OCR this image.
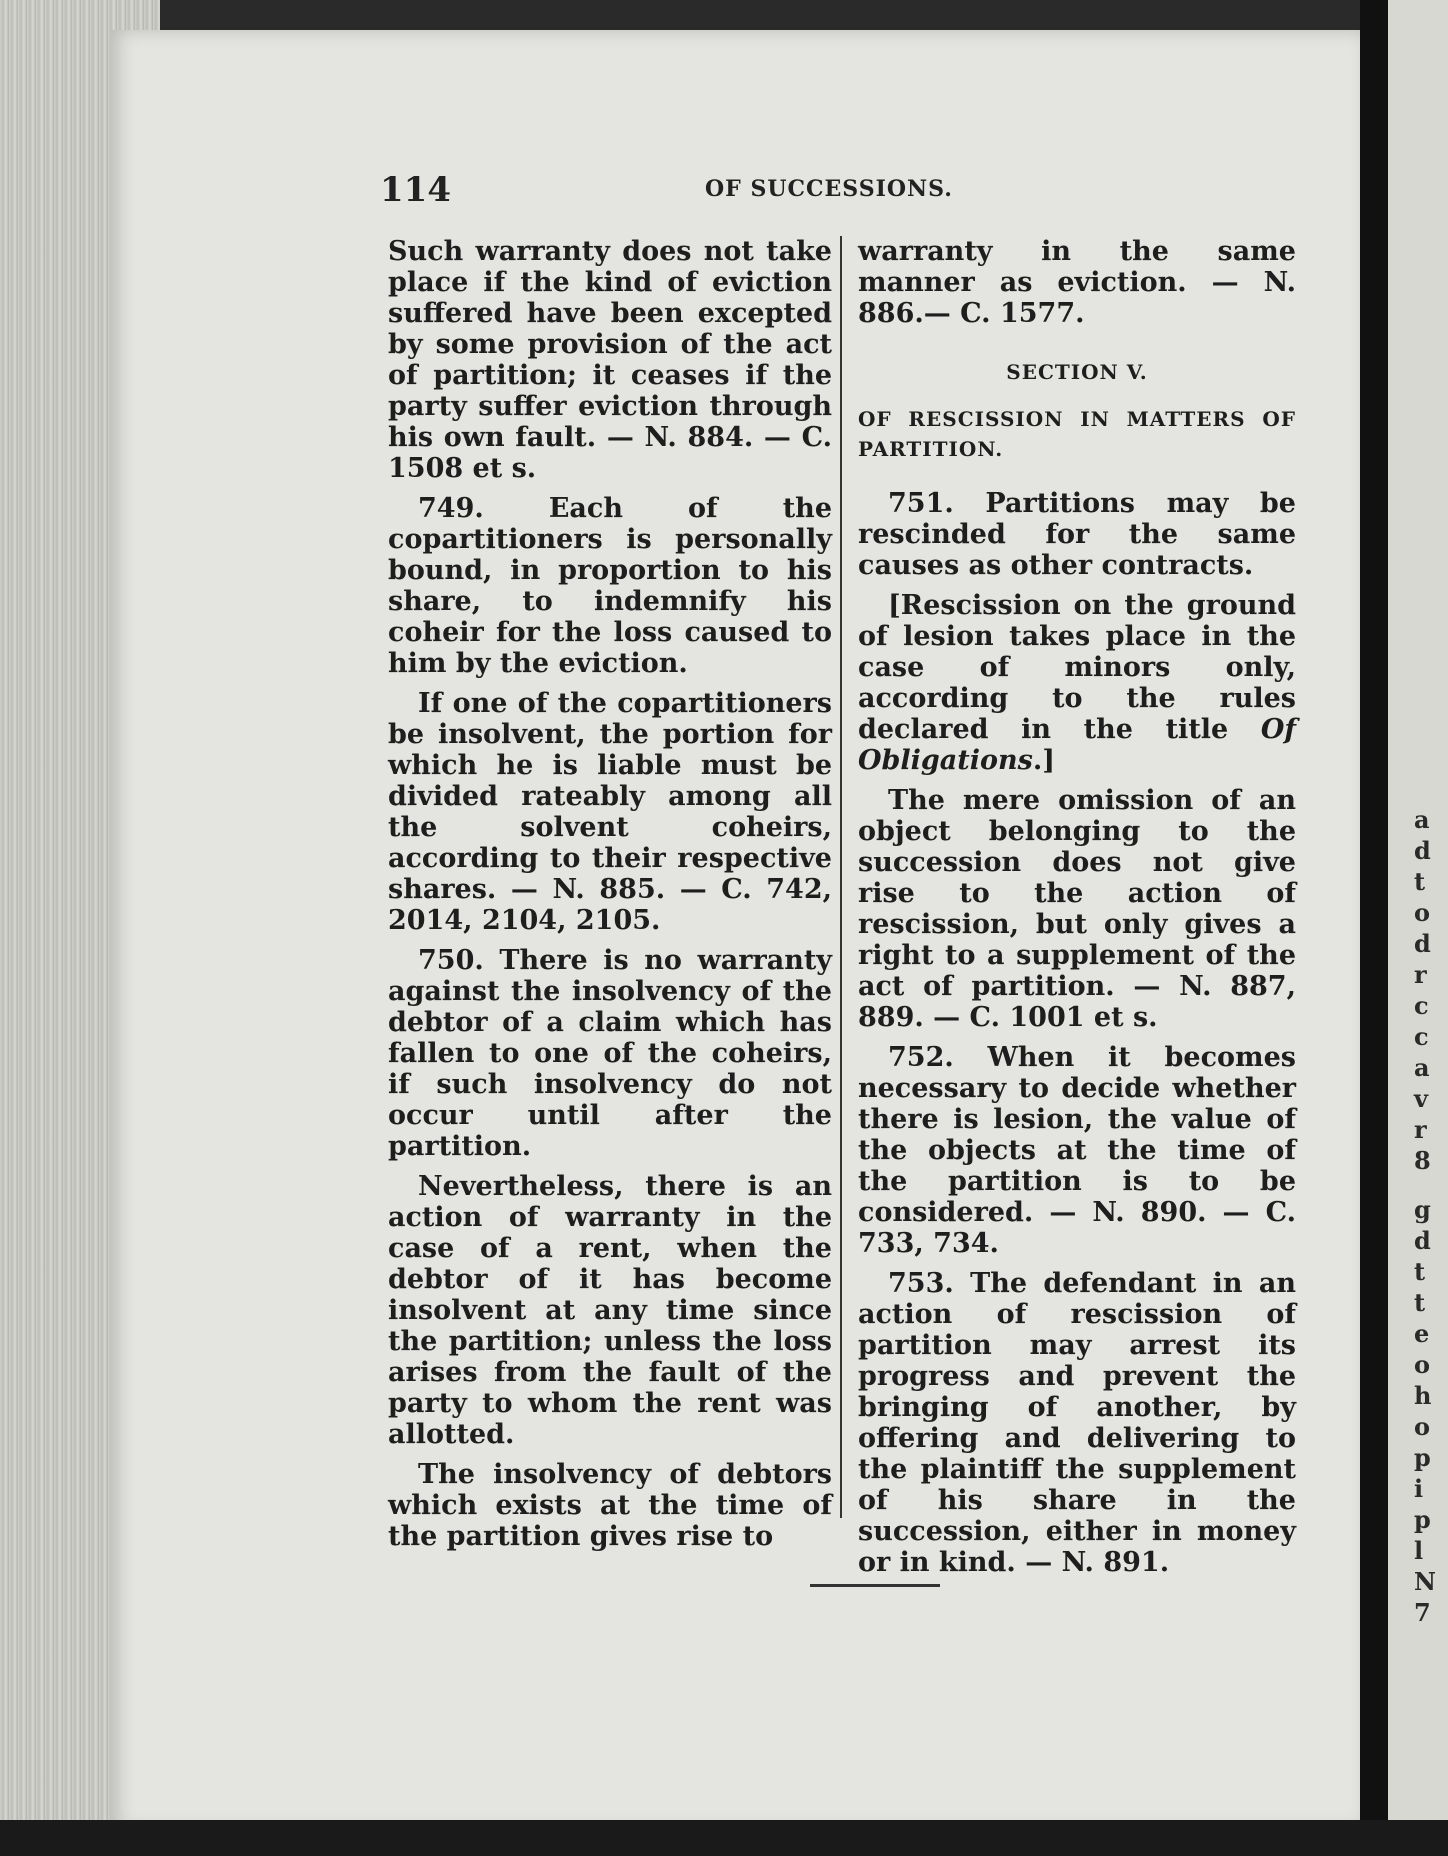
a
d
t
o
d
r
c
c
a
v
r
8
g
d
t
t
e
o
h
o
p
i
p
l
N
7
114	OF SUCCESSIONS.

Such warranty does not take place if the kind of eviction suffered have been excepted by some provision of the act of partition; it ceases if the party suffer eviction through his own fault. — N. 884. — C. 1508 et s.

749. Each of the copartitioners is personally bound, in proportion to his share, to indemnify his coheir for the loss caused to him by the eviction.

If one of the copartitioners be insolvent, the portion for which he is liable must be divided rateably among all the solvent coheirs, according to their respective shares. — N. 885. — C. 742, 2014, 2104, 2105.

750. There is no warranty against the insolvency of the debtor of a claim which has fallen to one of the coheirs, if such insolvency do not occur until after the partition.

Nevertheless, there is an action of warranty in the case of a rent, when the debtor of it has become insolvent at any time since the partition; unless the loss arises from the fault of the party to whom the rent was allotted.

The insolvency of debtors which exists at the time of the partition gives rise to

warranty in the same manner as eviction. — N. 886.— C. 1577.

SECTION V.
OF RESCISSION IN MATTERS OF PARTITION.

751. Partitions may be rescinded for the same causes as other contracts.

[Rescission on the ground of lesion takes place in the case of minors only, according to the rules declared in the title Of Obligations.]

The mere omission of an object belonging to the succession does not give rise to the action of rescission, but only gives a right to a supplement of the act of partition. — N. 887, 889. — C. 1001 et s.

752. When it becomes necessary to decide whether there is lesion, the value of the objects at the time of the partition is to be considered. — N. 890. — C. 733, 734.

753. The defendant in an action of rescission of partition may arrest its progress and prevent the bringing of another, by offering and delivering to the plaintiff the supplement of his share in the succession, either in money or in kind. — N. 891.
